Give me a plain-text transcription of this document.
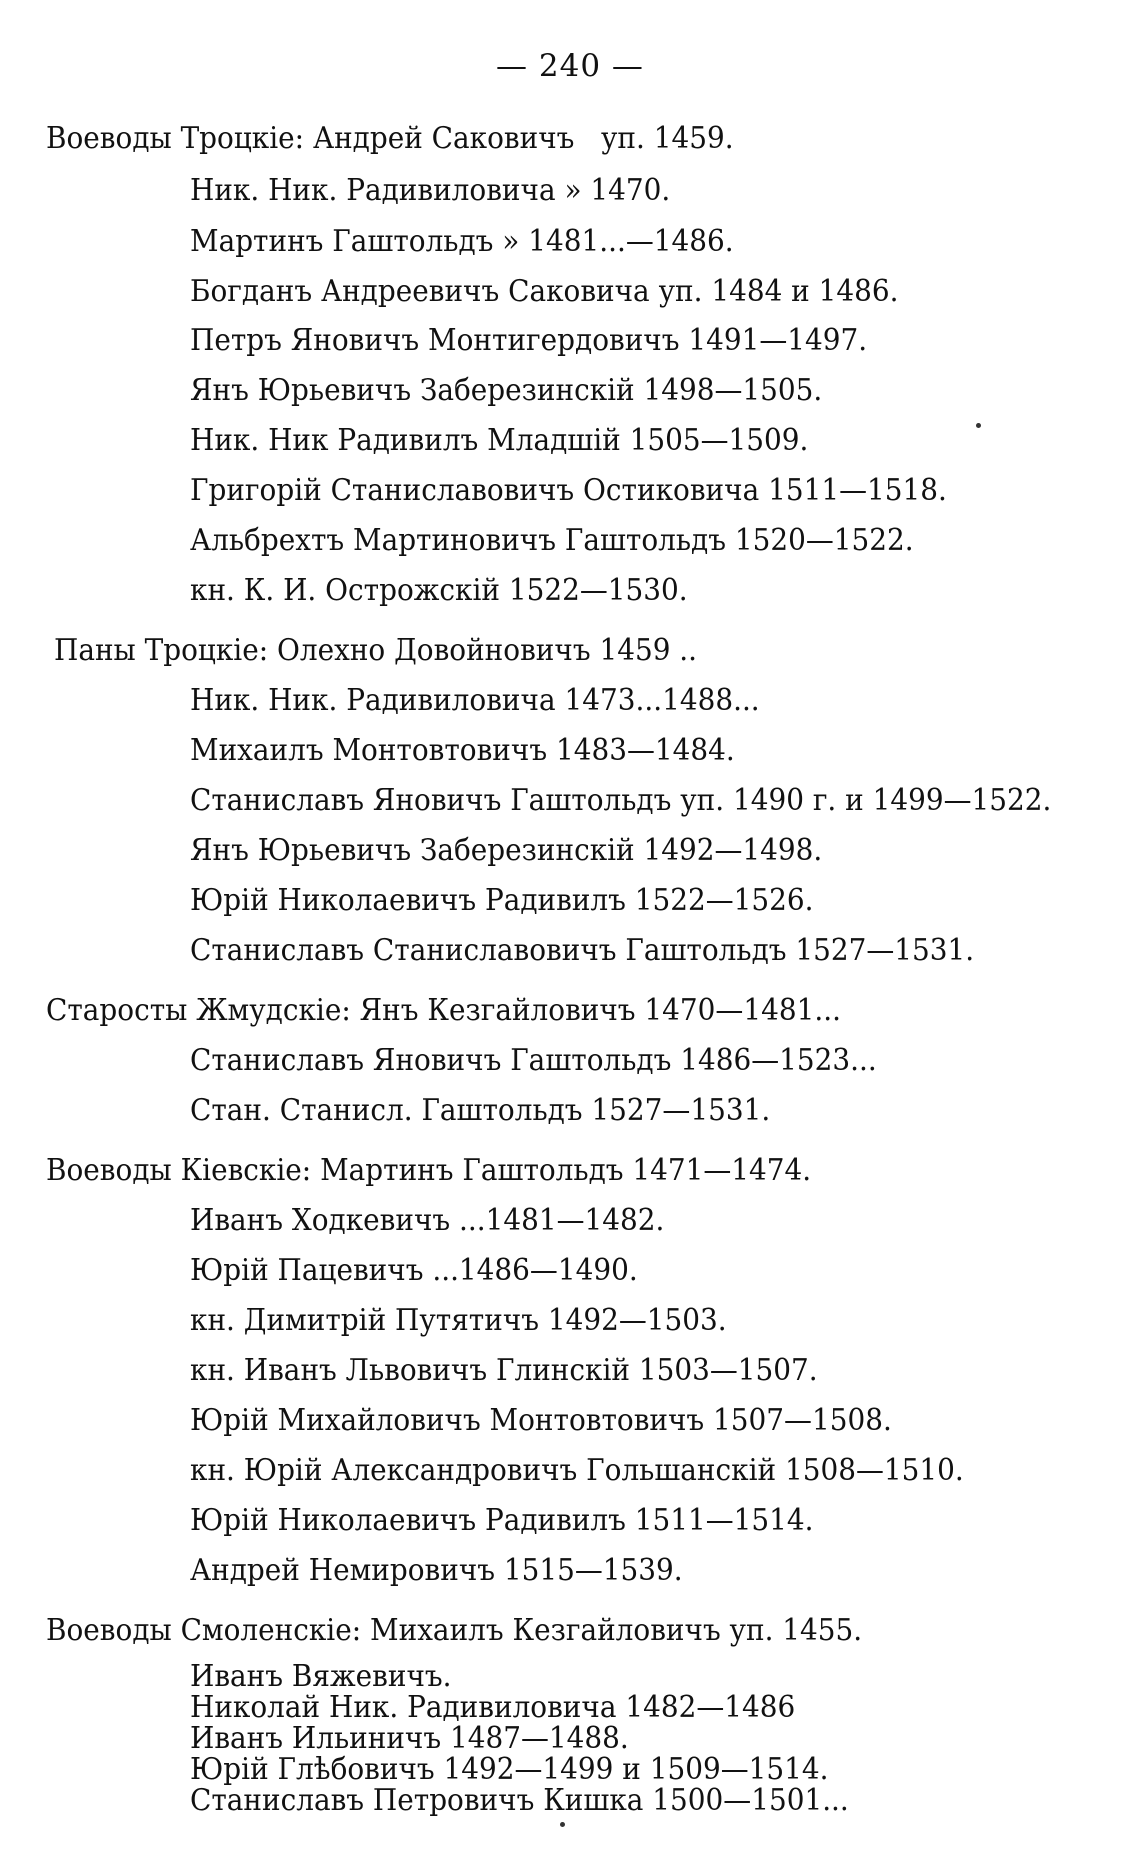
— 240 —
Воеводы Троцкіе: Андрей Саковичъ   уп. 1459.
Ник. Ник. Радивиловича » 1470.
Мартинъ Гаштольдъ » 1481...—1486.
Богданъ Андреевичъ Саковича уп. 1484 и 1486.
Петръ Яновичъ Монтигердовичъ 1491—1497.
Янъ Юрьевичъ Заберезинскій 1498—1505.
Ник. Ник Радивилъ Младшій 1505—1509.
Григорій Станиславовичъ Остиковича 1511—1518.
Альбрехтъ Мартиновичъ Гаштольдъ 1520—1522.
кн. К. И. Острожскій 1522—1530.
Паны Троцкіе: Олехно Довойновичъ 1459 ..
Ник. Ник. Радивиловича 1473...1488...
Михаилъ Монтовтовичъ 1483—1484.
Станиславъ Яновичъ Гаштольдъ уп. 1490 г. и 1499—1522.
Янъ Юрьевичъ Заберезинскій 1492—1498.
Юрій Николаевичъ Радивилъ 1522—1526.
Станиславъ Станиславовичъ Гаштольдъ 1527—1531.
Старосты Жмудскіе: Янъ Кезгайловичъ 1470—1481...
Станиславъ Яновичъ Гаштольдъ 1486—1523...
Стан. Станисл. Гаштольдъ 1527—1531.
Воеводы Кіевскіе: Мартинъ Гаштольдъ 1471—1474.
Иванъ Ходкевичъ ...1481—1482.
Юрій Пацевичъ ...1486—1490.
кн. Димитрій Путятичъ 1492—1503.
кн. Иванъ Львовичъ Глинскій 1503—1507.
Юрій Михайловичъ Монтовтовичъ 1507—1508.
кн. Юрій Александровичъ Гольшанскій 1508—1510.
Юрій Николаевичъ Радивилъ 1511—1514.
Андрей Немировичъ 1515—1539.
Воеводы Смоленскіе: Михаилъ Кезгайловичъ уп. 1455.
Иванъ Вяжевичъ.
Николай Ник. Радивиловича 1482—1486
Иванъ Ильиничъ 1487—1488.
Юрій Глѣбовичъ 1492—1499 и 1509—1514.
Станиславъ Петровичъ Кишка 1500—1501...
